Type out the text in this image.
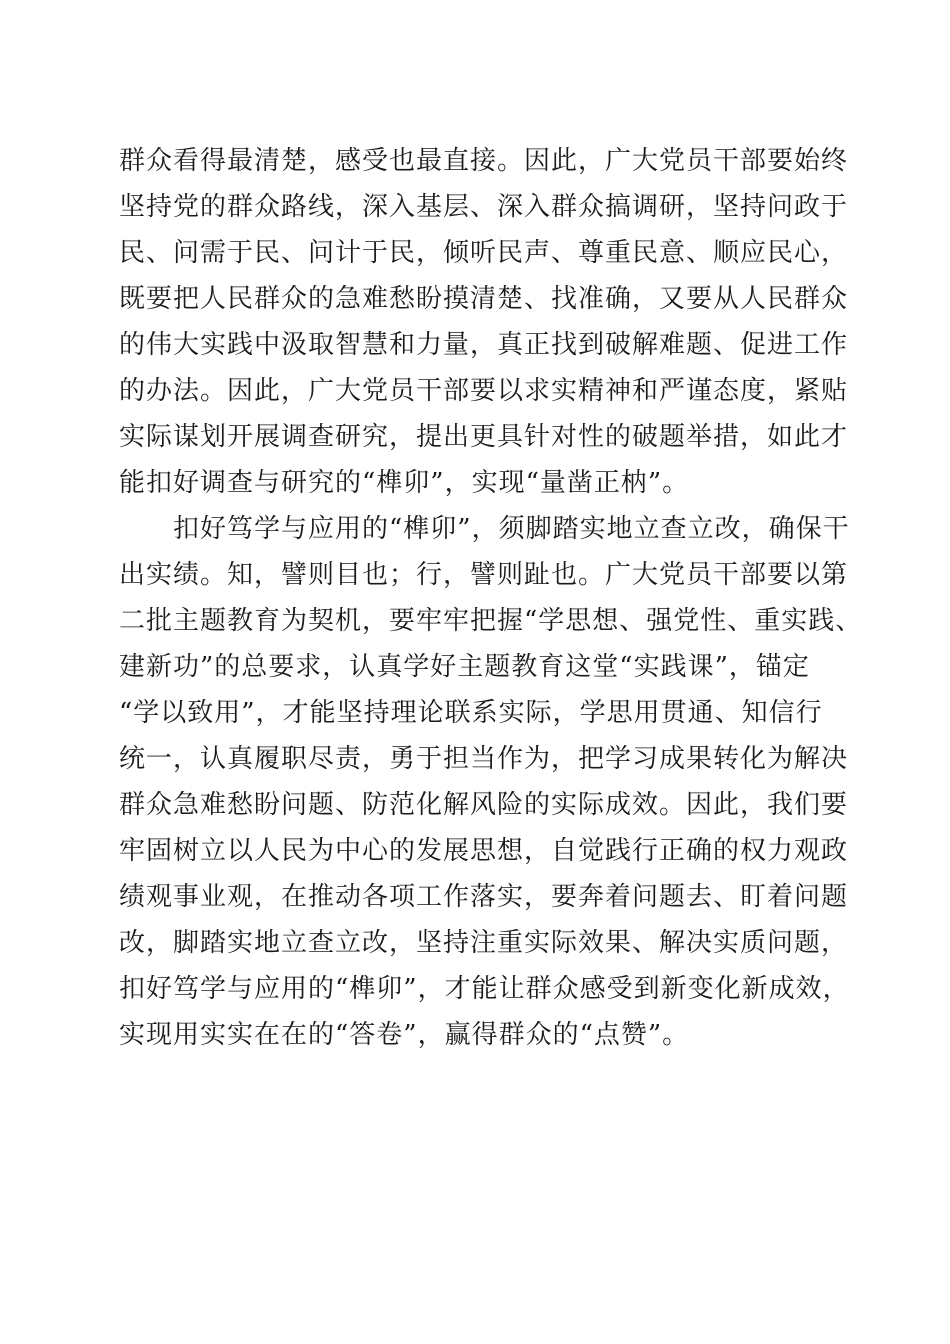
群众看得最清楚，感受也最直接。因此，广大党员干部要始终
坚持党的群众路线，深入基层、深入群众搞调研，坚持问政于
民、问需于民、问计于民，倾听民声、尊重民意、顺应民心，
既要把人民群众的急难愁盼摸清楚、找准确，又要从人民群众
的伟大实践中汲取智慧和力量，真正找到破解难题、促进工作
的办法。因此，广大党员干部要以求实精神和严谨态度，紧贴
实际谋划开展调查研究，提出更具针对性的破题举措，如此才
能扣好调查与研究的“榫卯”，实现“量凿正枘”。
　　扣好笃学与应用的“榫卯”，须脚踏实地立查立改，确保干
出实绩。知，譬则目也；行，譬则趾也。广大党员干部要以第
二批主题教育为契机，要牢牢把握“学思想、强党性、重实践、
建新功”的总要求，认真学好主题教育这堂“实践课”，锚定
“学以致用”，才能坚持理论联系实际，学思用贯通、知信行
统一，认真履职尽责，勇于担当作为，把学习成果转化为解决
群众急难愁盼问题、防范化解风险的实际成效。因此，我们要
牢固树立以人民为中心的发展思想，自觉践行正确的权力观政
绩观事业观，在推动各项工作落实，要奔着问题去、盯着问题
改，脚踏实地立查立改，坚持注重实际效果、解决实质问题，
扣好笃学与应用的“榫卯”，才能让群众感受到新变化新成效，
实现用实实在在的“答卷”，赢得群众的“点赞”。
